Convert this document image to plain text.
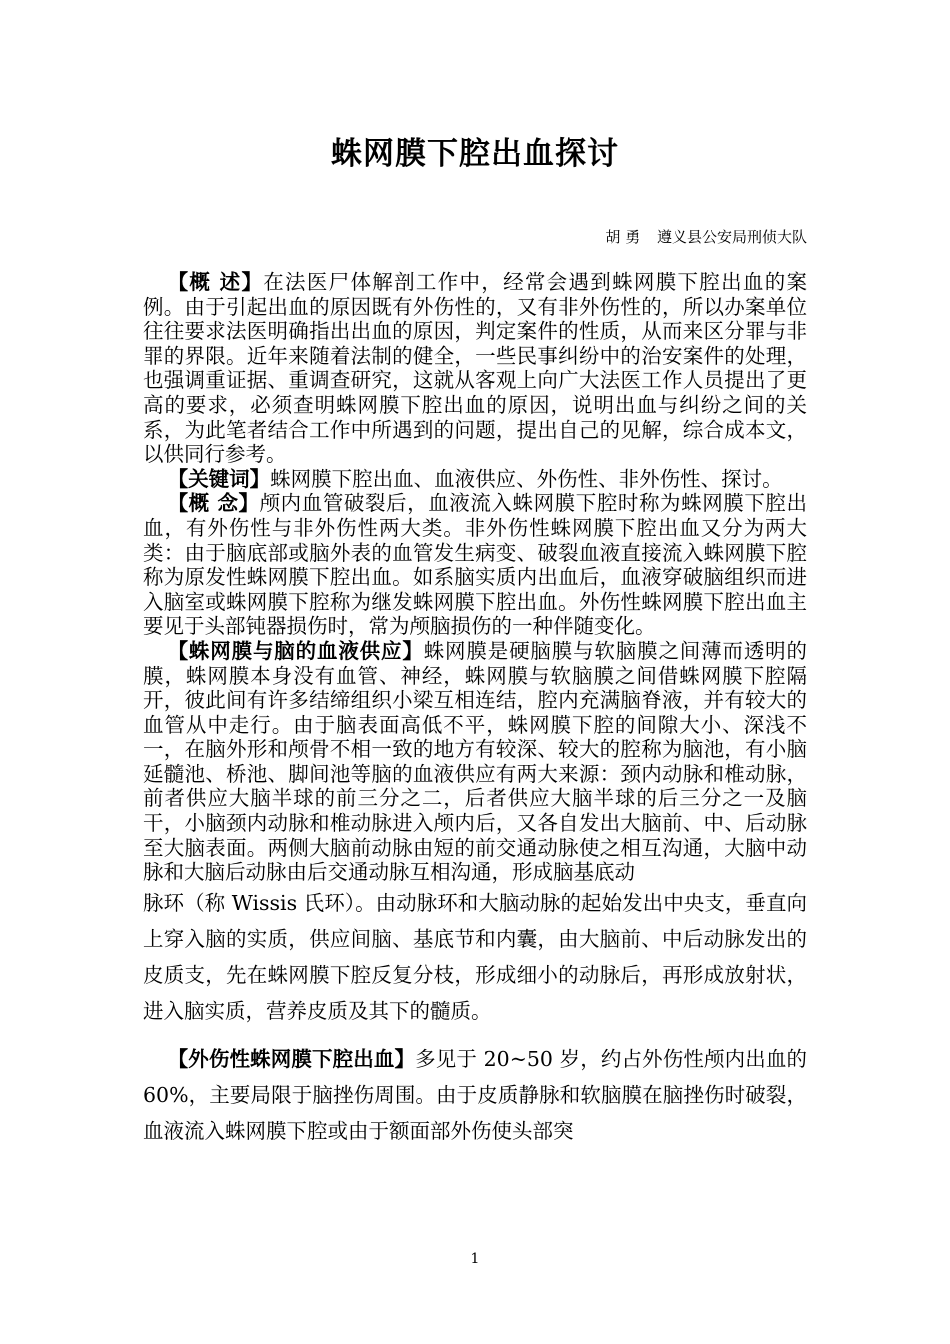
蛛网膜下腔出血探讨
胡 勇 遵义县公安局刑侦大队

【概 述】在法医尸体解剖工作中，经常会遇到蛛网膜下腔出血的案例。由于引起出血的原因既有外伤性的，又有非外伤性的，所以办案单位往往要求法医明确指出出血的原因，判定案件的性质，从而来区分罪与非罪的界限。近年来随着法制的健全，一些民事纠纷中的治安案件的处理，也强调重证据、重调查研究，这就从客观上向广大法医工作人员提出了更高的要求，必须查明蛛网膜下腔出血的原因，说明出血与纠纷之间的关系，为此笔者结合工作中所遇到的问题，提出自己的见解，综合成本文，以供同行参考。

【关键词】蛛网膜下腔出血、血液供应、外伤性、非外伤性、探讨。

【概 念】颅内血管破裂后，血液流入蛛网膜下腔时称为蛛网膜下腔出血，有外伤性与非外伤性两大类。非外伤性蛛网膜下腔出血又分为两大类：由于脑底部或脑外表的血管发生病变、破裂血液直接流入蛛网膜下腔称为原发性蛛网膜下腔出血。如系脑实质内出血后，血液穿破脑组织而进入脑室或蛛网膜下腔称为继发蛛网膜下腔出血。外伤性蛛网膜下腔出血主要见于头部钝器损伤时，常为颅脑损伤的一种伴随变化。

【蛛网膜与脑的血液供应】蛛网膜是硬脑膜与软脑膜之间薄而透明的膜，蛛网膜本身没有血管、神经，蛛网膜与软脑膜之间借蛛网膜下腔隔开，彼此间有许多结缔组织小梁互相连结，腔内充满脑脊液，并有较大的血管从中走行。由于脑表面高低不平，蛛网膜下腔的间隙大小、深浅不一，在脑外形和颅骨不相一致的地方有较深、较大的腔称为脑池，有小脑延髓池、桥池、脚间池等脑的血液供应有两大来源：颈内动脉和椎动脉，前者供应大脑半球的前三分之二，后者供应大脑半球的后三分之一及脑干，小脑颈内动脉和椎动脉进入颅内后，又各自发出大脑前、中、后动脉至大脑表面。两侧大脑前动脉由短的前交通动脉使之相互沟通，大脑中动脉和大脑后动脉由后交通动脉互相沟通，形成脑基底动

脉环（称 Wissis 氏环）。由动脉环和大脑动脉的起始发出中央支，垂直向上穿入脑的实质，供应间脑、基底节和内囊，由大脑前、中后动脉发出的皮质支，先在蛛网膜下腔反复分枝，形成细小的动脉后，再形成放射状，进入脑实质，营养皮质及其下的髓质。

【外伤性蛛网膜下腔出血】多见于 20~50 岁，约占外伤性颅内出血的 60%，主要局限于脑挫伤周围。由于皮质静脉和软脑膜在脑挫伤时破裂，血液流入蛛网膜下腔或由于额面部外伤使头部突

1
